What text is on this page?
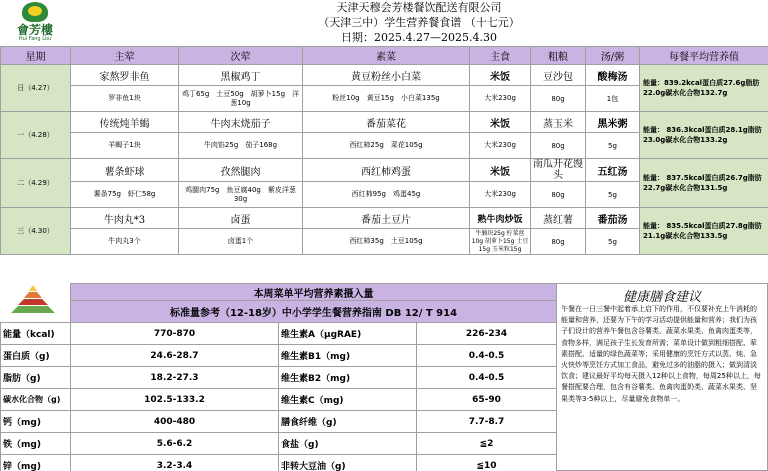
會芳樓
Hui Fang Lou
天津天穆会芳楼餐饮配送有限公司
（天津三中）学生营养餐食谱 （十七元）
日期：2025.4.27—2025.4.30
星期	主荤	次荤	素菜	主食	粗粮	汤/粥	每餐平均营养值
日（4.27）	家熬罗非鱼	黑椒鸡丁	黄豆粉丝小白菜	米饭	豆沙包	酸梅汤	能量：839.2kcal蛋白质27.6g脂肪22.0g碳水化合物132.7g
	罗非鱼1块	鸡丁65g　土豆50g　胡萝卜15g　洋葱10g	粉丝10g　黄豆15g　小白菜135g	大米230g	80g	1包	
一（4.28）	传统炖羊蝎	牛肉末烧茄子	番茄菜花	米饭	蒸玉米	黑米粥	能量： 836.3kcal蛋白质28.1g脂肪23.0g碳水化合物133.2g
	羊蝎子1块	牛肉馅25g　茄子168g	西红柿25g　菜花105g	大米230g	80g	5g	
二（4.29）	薯条虾球	孜然腿肉	西红柿鸡蛋	米饭	南瓜开花馒头	五红汤	能量： 837.5kcal蛋白质26.7g脂肪22.7g碳水化合物131.5g
	薯条75g　虾仁58g	鸡腿肉75g　鱼豆腐40g　紫皮洋葱30g	西红柿95g　鸡蛋45g	大米230g	80g	5g	
三（4.30）	牛肉丸*3	卤蛋	番茄土豆片	熟牛肉炒饭	蒸红薯	番茄汤	能量： 835.5kcal蛋白质27.8g脂肪21.1g碳水化合物133.5g
	牛肉丸3个	卤蛋1个	西红柿35g　土豆105g	牛腩块25g 柠菜丝10g 胡萝卜15g 土豆15g 玉米粒15g	80g	5g	
	本周菜单平均营养素摄入量		
	标准量参考（12-18岁）中小学学生餐营养指南 DB 12/ T 914		
能量（kcal)	770-870	维生素A（μgRAE)	226-234
蛋白质（g)	24.6-28.7	维生素B1（mg)	0.4-0.5
脂肪（g)	18.2-27.3	维生素B2（mg)	0.4-0.5
碳水化合物（g)	102.5-133.2	维生素C（mg)	65-90
钙（mg)	400-480	膳食纤维（g)	7.7-8.7
铁（mg)	5.6-6.2	食盐（g)	≦2
锌（mg)	3.2-3.4	非转大豆油（g)	≦10
健康膳食建议
午餐在一日三餐中起着承上启下的作用，不仅要补充上午消耗的能量和营养，还要为下午的学习活动提供能量和营养；我们为孩子们设计的营养午餐包含谷薯类、蔬菜水果类、鱼禽肉蛋类等，食物多样，满足孩子生长发育所需；菜单设计做到粗细搭配、荤素搭配、适量的绿色蔬菜等；采用健康的烹饪方式以蒸、炖、急火快炒等烹饪方式加工食品，避免过多的油脂的摄入；做到清淡饮食；建议最好平均每天摄入12种以上食物，每周25种以上，每餐搭配要合理，包含有谷薯类、鱼禽肉蛋奶类、蔬菜水果类、坚果类等3-5种以上，尽量避免食物单一。
